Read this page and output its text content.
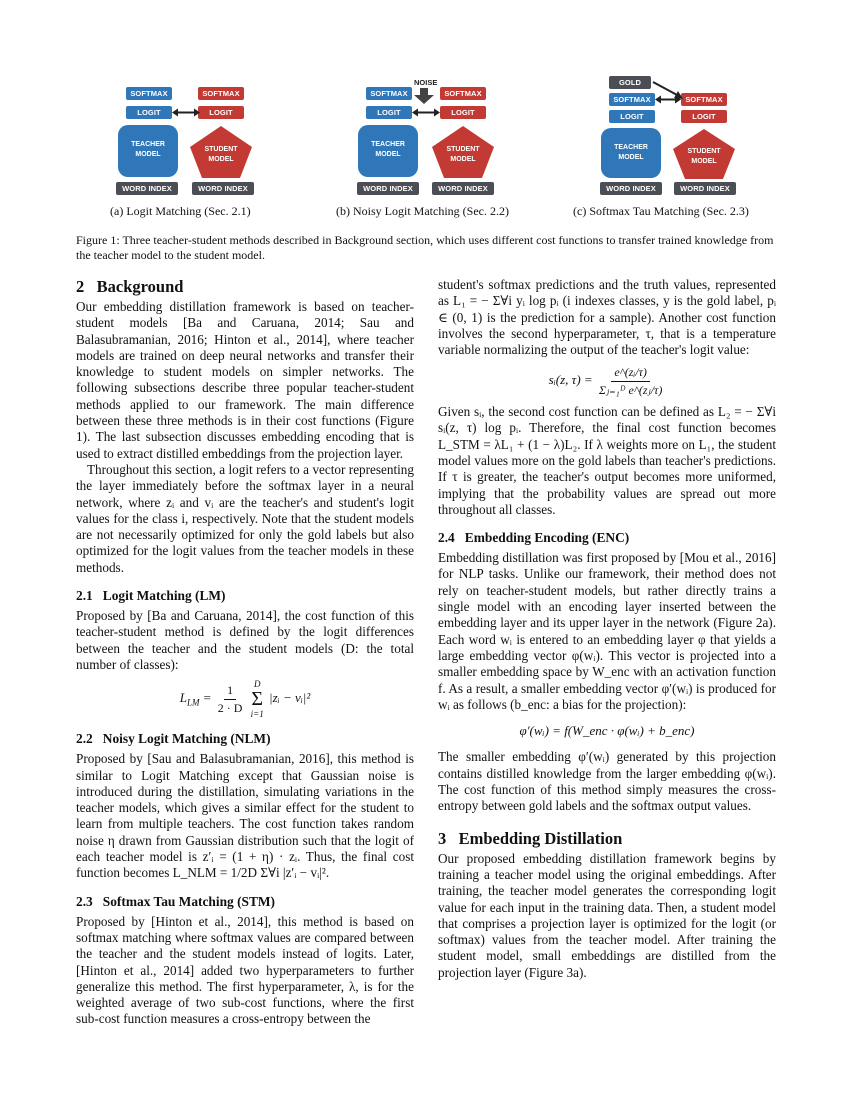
SOFTMAX
LOGIT
TEACHER
MODEL
WORD INDEX
SOFTMAX
LOGIT
STUDENT
MODEL
WORD INDEX
(a) Logit Matching (Sec. 2.1)
NOISE
SOFTMAX
LOGIT
TEACHER
MODEL
WORD INDEX
SOFTMAX
LOGIT
STUDENT
MODEL
WORD INDEX
(b) Noisy Logit Matching (Sec. 2.2)
GOLD
SOFTMAX
LOGIT
TEACHER
MODEL
WORD INDEX
SOFTMAX
LOGIT
STUDENT
MODEL
WORD INDEX
(c) Softmax Tau Matching (Sec. 2.3)
Figure 1: Three teacher-student methods described in Background section, which uses different cost functions to transfer trained knowledge from the teacher model to the student model.
2   Background

Our embedding distillation framework is based on teacher-student models [Ba and Caruana, 2014; Sau and Balasubramanian, 2016; Hinton et al., 2014], where teacher models are trained on deep neural networks and transfer their knowledge to student models on simpler networks. The following subsections describe three popular teacher-student methods applied to our framework. The main difference between these three methods is in their cost functions (Figure 1). The last subsection discusses embedding encoding that is used to extract distilled embeddings from the projection layer.

Throughout this section, a logit refers to a vector representing the layer immediately before the softmax layer in a neural network, where zᵢ and vᵢ are the teacher's and student's logit values for the class i, respectively. Note that the student models are not necessarily optimized for only the gold labels but also optimized for the logit values from the teacher models in these methods.

2.1   Logit Matching (LM)

Proposed by [Ba and Caruana, 2014], the cost function of this teacher-student method is defined by the logit differences between the teacher and the student models (D: the total number of classes):

$L_{LM} = \frac{1}{2 \cdot D}$
D
Σ
i=1
|zᵢ − vᵢ|²
2.2   Noisy Logit Matching (NLM)

Proposed by [Sau and Balasubramanian, 2016], this method is similar to Logit Matching except that Gaussian noise is introduced during the distillation, simulating variations in the teacher models, which gives a similar effect for the student to learn from multiple teachers. The cost function takes random noise η drawn from Gaussian distribution such that the logit of each teacher model is z′ᵢ = (1 + η) · zᵢ. Thus, the final cost function becomes L_NLM = 1/2D Σ∀i |z′ᵢ − vᵢ|².

2.3   Softmax Tau Matching (STM)

Proposed by [Hinton et al., 2014], this method is based on softmax matching where softmax values are compared between the teacher and the student models instead of logits. Later, [Hinton et al., 2014] added two hyperparameters to further generalize this method. The first hyperparameter, λ, is for the weighted average of two sub-cost functions, where the first sub-cost function measures a cross-entropy between the

student's softmax predictions and the truth values, represented as L₁ = − Σ∀i yᵢ log pᵢ (i indexes classes, y is the gold label, pᵢ ∈ (0, 1) is the prediction for a sample). Another cost function involves the second hyperparameter, τ, that is a temperature variable normalizing the output of the teacher's logit value:

sᵢ(z, $\tau) = \frac{\text{e\textasciicircum{}(zᵢ/τ)}}{\text{Σⱼ₌₁ᴰ e\textasciicircum{}(zⱼ/τ)}}$

Given sᵢ, the second cost function can be defined as L₂ = − Σ∀i sᵢ(z, τ) log pᵢ. Therefore, the final cost function becomes L_STM = λL₁ + (1 − λ)L₂. If λ weights more on L₁, the student model values more on the gold labels than teacher's predictions. If τ is greater, the teacher's output becomes more uniformed, implying that the probability values are spread out more throughout all classes.

2.4   Embedding Encoding (ENC)

Embedding distillation was first proposed by [Mou et al., 2016] for NLP tasks. Unlike our framework, their method does not rely on teacher-student models, but rather directly trains a single model with an encoding layer inserted between the embedding layer and its upper layer in the network (Figure 2a). Each word wᵢ is entered to an embedding layer φ that yields a large embedding vector φ(wᵢ). This vector is projected into a smaller embedding space by W_enc with an activation function f. As a result, a smaller embedding vector φ′(wᵢ) is produced for wᵢ as follows (b_enc: a bias for the projection):

φ′(wᵢ) = f(W_enc · φ(wᵢ) + b_enc)

The smaller embedding φ′(wᵢ) generated by this projection contains distilled knowledge from the larger embedding φ(wᵢ). The cost function of this method simply measures the cross-entropy between gold labels and the softmax output values.

3   Embedding Distillation

Our proposed embedding distillation framework begins by training a teacher model using the original embeddings. After training, the teacher model generates the corresponding logit value for each input in the training data. Then, a student model that comprises a projection layer is optimized for the logit (or softmax) values from the teacher model. After training the student model, small embeddings are distilled from the projection layer (Figure 3a).
